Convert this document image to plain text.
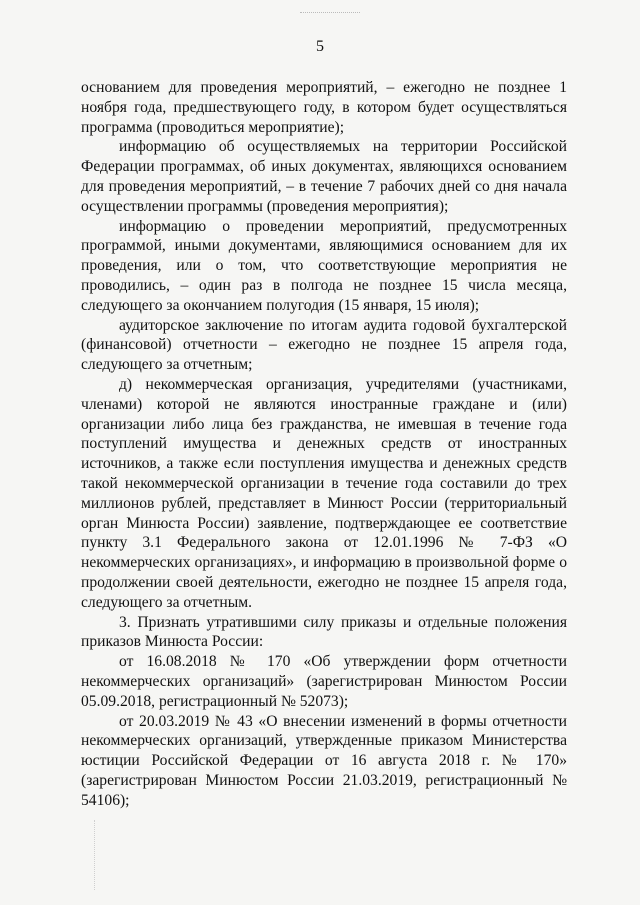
5

основанием для проведения мероприятий, – ежегодно не позднее 1 ноября года, предшествующего году, в котором будет осуществляться программа (проводиться мероприятие);

информацию об осуществляемых на территории Российской Федерации программах, об иных документах, являющихся основанием для проведения мероприятий, – в течение 7 рабочих дней со дня начала осуществлении программы (проведения мероприятия);

информацию о проведении мероприятий, предусмотренных программой, иными документами, являющимися основанием для их проведения, или о том, что соответствующие мероприятия не проводились, – один раз в полгода не позднее 15 числа месяца, следующего за окончанием полугодия (15 января, 15 июля);

аудиторское заключение по итогам аудита годовой бухгалтерской (финансовой) отчетности – ежегодно не позднее 15 апреля года, следующего за отчетным;

д) некоммерческая организация, учредителями (участниками, членами) которой не являются иностранные граждане и (или) организации либо лица без гражданства, не имевшая в течение года поступлений имущества и денежных средств от иностранных источников, а также если поступления имущества и денежных средств такой некоммерческой организации в течение года составили до трех миллионов рублей, представляет в Минюст России (территориальный орган Минюста России) заявление, подтверждающее ее соответствие пункту 3.1 Федерального закона от 12.01.1996 № 7-ФЗ «О некоммерческих организациях», и информацию в произвольной форме о продолжении своей деятельности, ежегодно не позднее 15 апреля года, следующего за отчетным.

3. Признать утратившими силу приказы и отдельные положения приказов Минюста России:

от 16.08.2018 № 170 «Об утверждении форм отчетности некоммерческих организаций» (зарегистрирован Минюстом России 05.09.2018, регистрационный № 52073);

от 20.03.2019 № 43 «О внесении изменений в формы отчетности некоммерческих организаций, утвержденные приказом Министерства юстиции Российской Федерации от 16 августа 2018 г. № 170» (зарегистрирован Минюстом России 21.03.2019, регистрационный № 54106);
